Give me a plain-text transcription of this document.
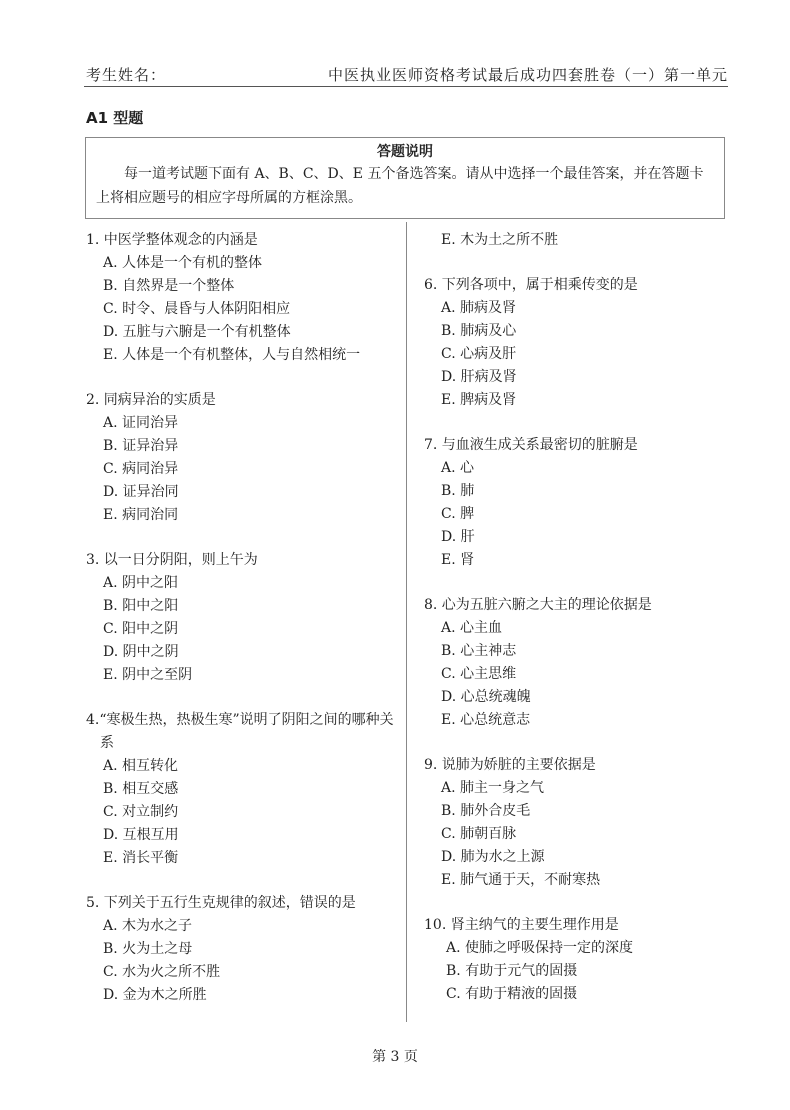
考生姓名：	中医执业医师资格考试最后成功四套胜卷（一）第一单元
A1 型题
答题说明
每一道考试题下面有 A、B、C、D、E 五个备选答案。请从中选择一个最佳答案，并在答题卡上将相应题号的相应字母所属的方框涂黑。
1. 中医学整体观念的内涵是
A. 人体是一个有机的整体
B. 自然界是一个整体
C. 时令、晨昏与人体阴阳相应
D. 五脏与六腑是一个有机整体
E. 人体是一个有机整体，人与自然相统一
2. 同病异治的实质是
A. 证同治异
B. 证异治异
C. 病同治异
D. 证异治同
E. 病同治同
3. 以一日分阴阳，则上午为
A. 阴中之阳
B. 阳中之阳
C. 阳中之阴
D. 阴中之阴
E. 阴中之至阴
4.“寒极生热，热极生寒”说明了阴阳之间的哪种关系
A. 相互转化
B. 相互交感
C. 对立制约
D. 互根互用
E. 消长平衡
5. 下列关于五行生克规律的叙述，错误的是
A. 木为水之子
B. 火为土之母
C. 水为火之所不胜
D. 金为木之所胜
E. 木为土之所不胜
6. 下列各项中，属于相乘传变的是
A. 肺病及肾
B. 肺病及心
C. 心病及肝
D. 肝病及肾
E. 脾病及肾
7. 与血液生成关系最密切的脏腑是
A. 心
B. 肺
C. 脾
D. 肝
E. 肾
8. 心为五脏六腑之大主的理论依据是
A. 心主血
B. 心主神志
C. 心主思维
D. 心总统魂魄
E. 心总统意志
9. 说肺为娇脏的主要依据是
A. 肺主一身之气
B. 肺外合皮毛
C. 肺朝百脉
D. 肺为水之上源
E. 肺气通于天，不耐寒热
10. 肾主纳气的主要生理作用是
A. 使肺之呼吸保持一定的深度
B. 有助于元气的固摄
C. 有助于精液的固摄
第 3 页
